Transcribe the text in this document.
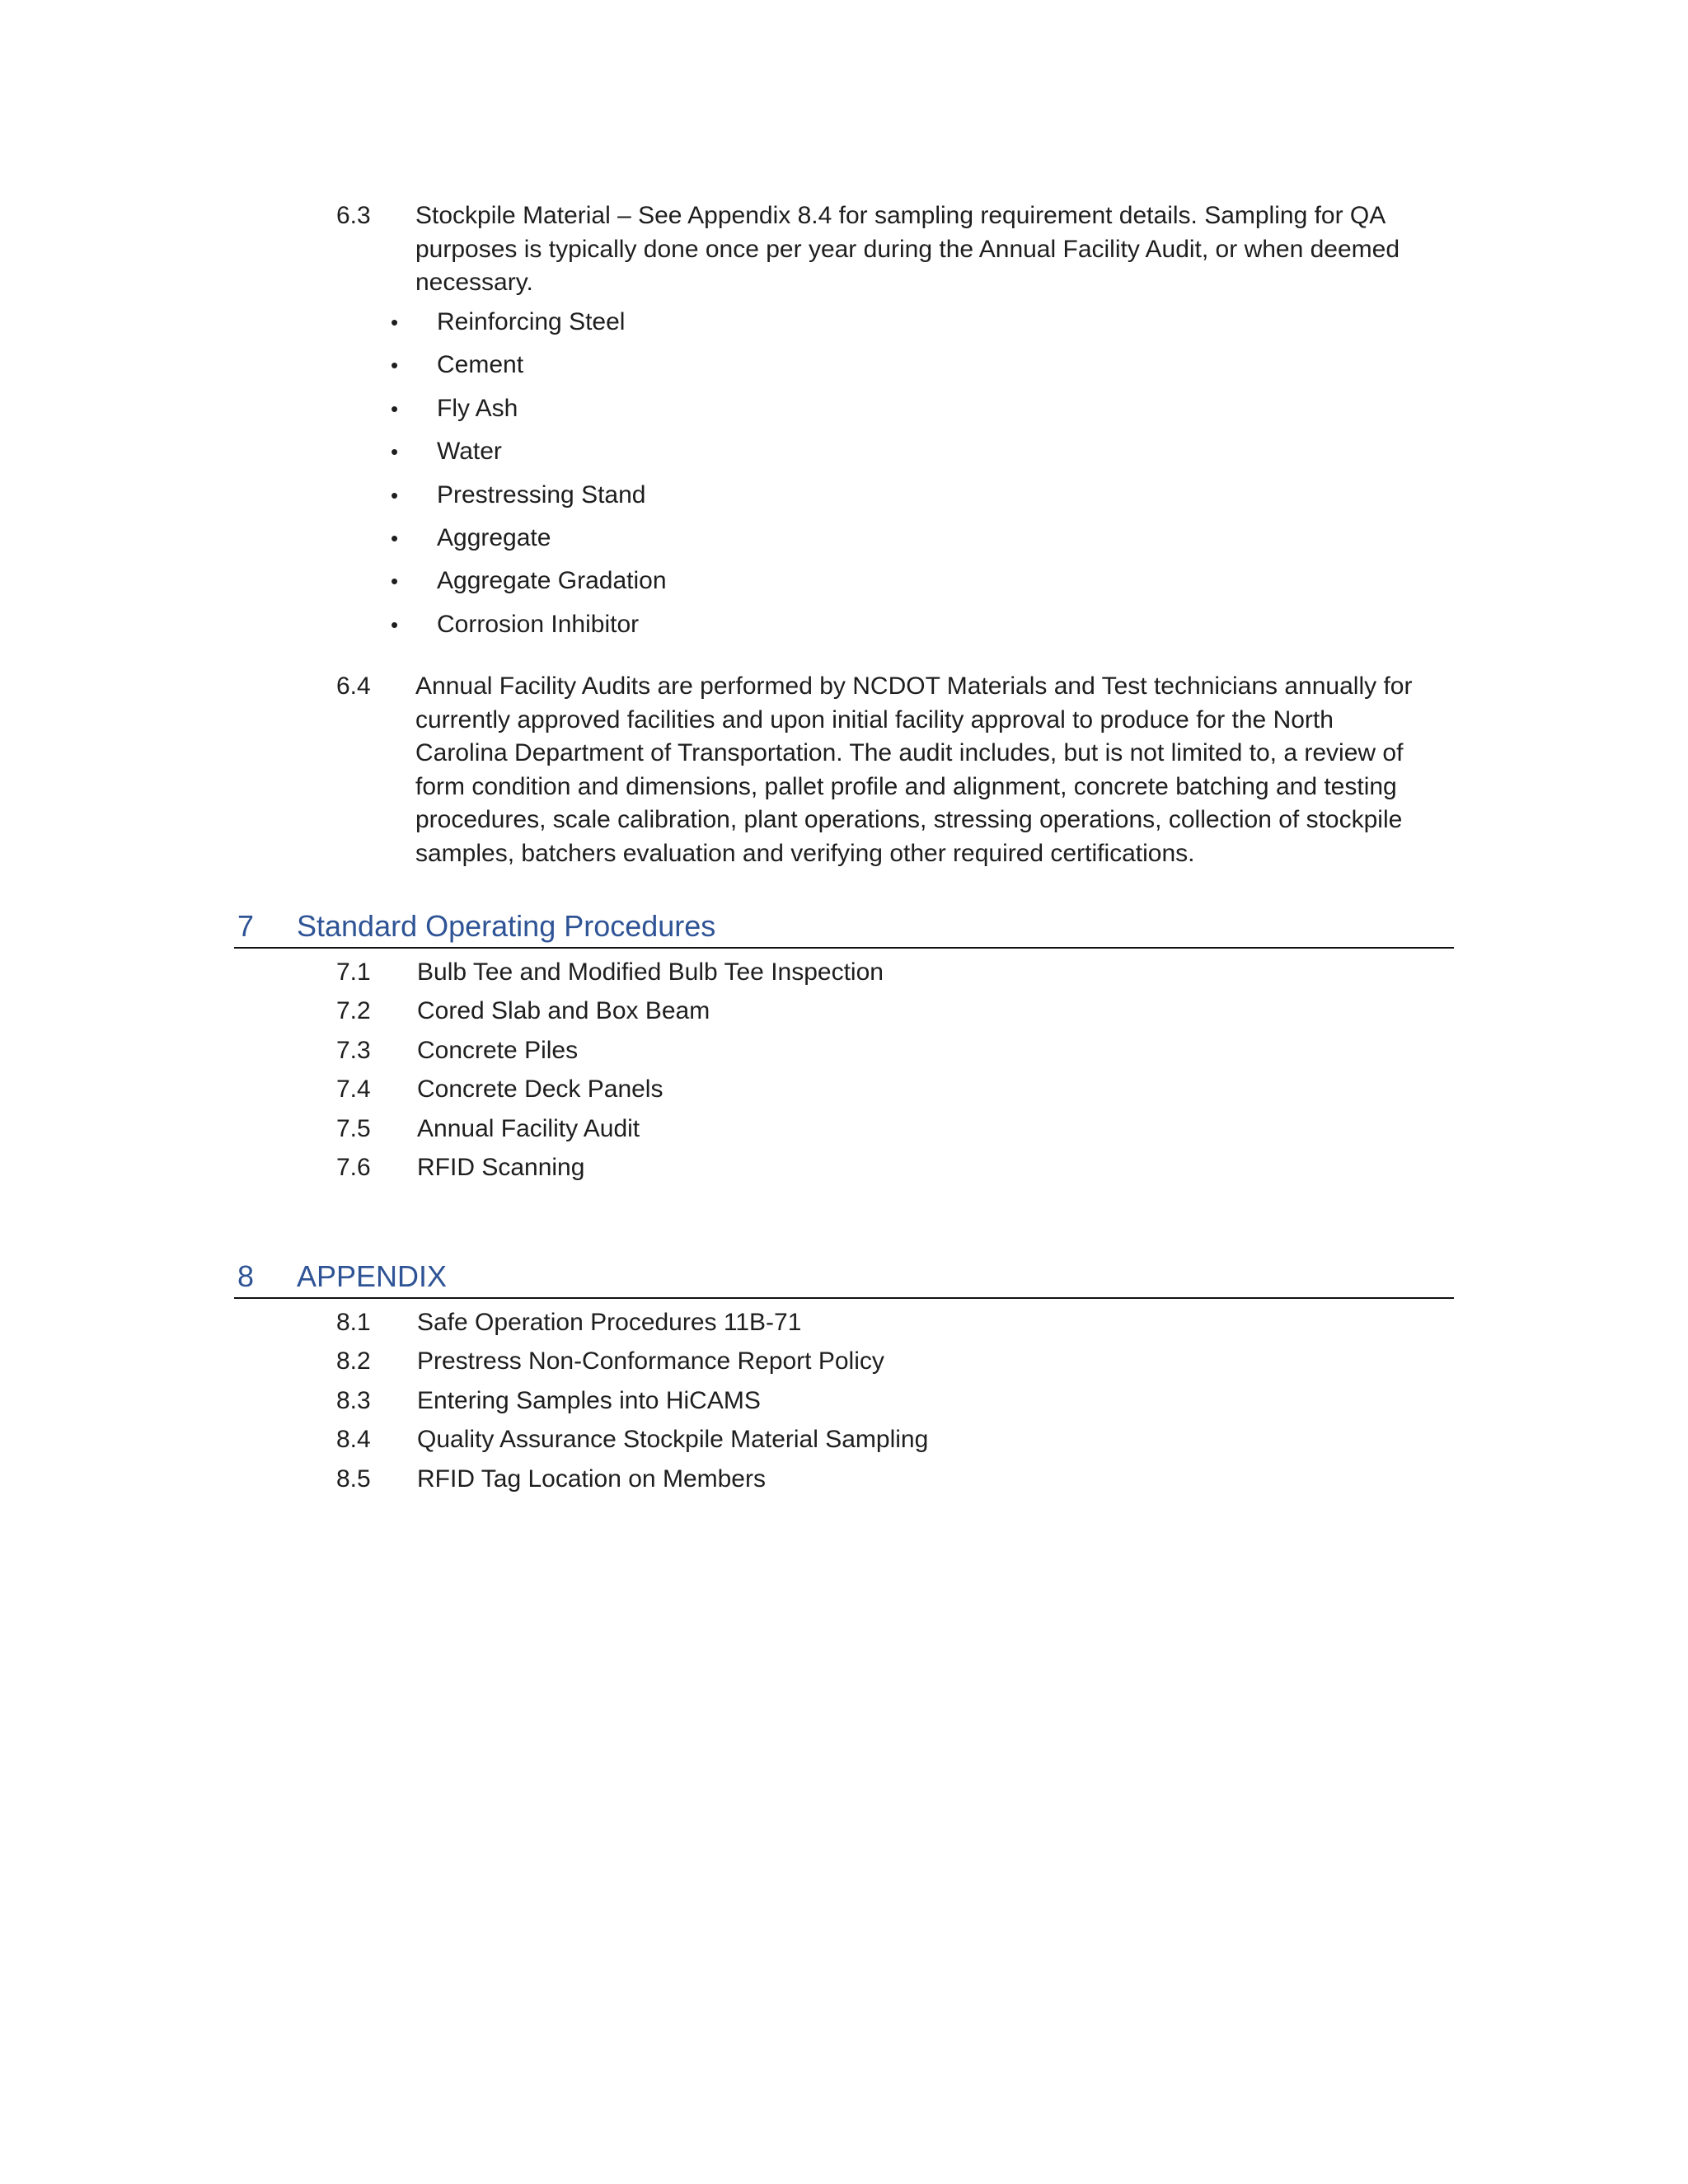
6.3 Stockpile Material – See Appendix 8.4 for sampling requirement details. Sampling for QA
purposes is typically done once per year during the Annual Facility Audit, or when deemed
necessary.
• Reinforcing Steel
• Cement
• Fly Ash
• Water
• Prestressing Stand
• Aggregate
• Aggregate Gradation
• Corrosion Inhibitor
6.4 Annual Facility Audits are performed by NCDOT Materials and Test technicians annually for
currently approved facilities and upon initial facility approval to produce for the North
Carolina Department of Transportation. The audit includes, but is not limited to, a review of
form condition and dimensions, pallet profile and alignment, concrete batching and testing
procedures, scale calibration, plant operations, stressing operations, collection of stockpile
samples, batchers evaluation and verifying other required certifications.
7 Standard Operating Procedures
7.1 Bulb Tee and Modified Bulb Tee Inspection
7.2 Cored Slab and Box Beam
7.3 Concrete Piles
7.4 Concrete Deck Panels
7.5 Annual Facility Audit
7.6 RFID Scanning
8 APPENDIX
8.1 Safe Operation Procedures 11B-71
8.2 Prestress Non-Conformance Report Policy
8.3 Entering Samples into HiCAMS
8.4 Quality Assurance Stockpile Material Sampling
8.5 RFID Tag Location on Members
